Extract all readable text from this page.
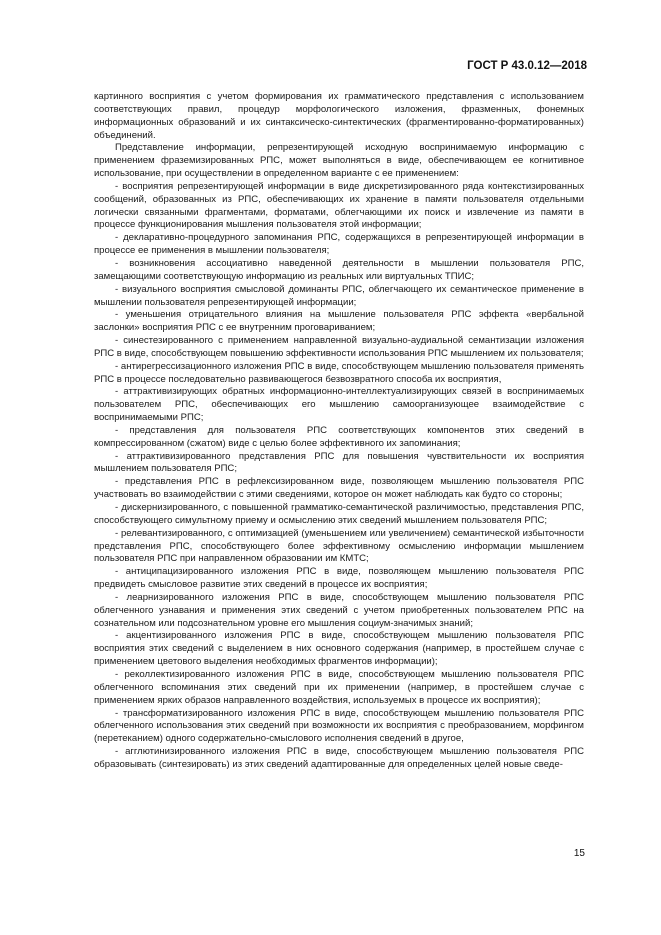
ГОСТ Р 43.0.12—2018

картинного восприятия с учетом формирования их грамматического представления с использованием соответствующих правил, процедур морфологического изложения, фразменных, фонемных информационных образований и их синтаксическо-синтектических (фрагментированно-форматированных) объединений.

Представление информации, репрезентирующей исходную воспринимаемую информацию с применением фраземизированных РПС, может выполняться в виде, обеспечивающем ее когнитивное использование, при осуществлении в определенном варианте с ее применением:

- восприятия репрезентирующей информации в виде дискретизированного ряда контекстизированных сообщений, образованных из РПС, обеспечивающих их хранение в памяти пользователя отдельными логически связанными фрагментами, форматами, облегчающими их поиск и извлечение из памяти в процессе функционирования мышления пользователя этой информации;

- декларативно-процедурного запоминания РПС, содержащихся в репрезентирующей информации в процессе ее применения в мышлении пользователя;

- возникновения ассоциативно наведенной деятельности в мышлении пользователя РПС, замещающими соответствующую информацию из реальных или виртуальных ТПИС;

- визуального восприятия смысловой доминанты РПС, облегчающего их семантическое применение в мышлении пользователя репрезентирующей информации;

- уменьшения отрицательного влияния на мышление пользователя РПС эффекта «вербальной заслонки» восприятия РПС с ее внутренним проговариванием;

- синестезированного с применением направленной визуально-аудиальной семантизации изложения РПС в виде, способствующем повышению эффективности использования РПС мышлением их пользователя;

- антирегрессизационного изложения РПС в виде, способствующем мышлению пользователя применять РПС в процессе последовательно развивающегося безвозвратного способа их восприятия,

- аттрактивизирующих обратных информационно-интеллектуализирующих связей в воспринимаемых пользователем РПС, обеспечивающих его мышлению самоорганизующее взаимодействие с воспринимаемыми РПС;

- представления для пользователя РПС соответствующих компонентов этих сведений в компрессированном (сжатом) виде с целью более эффективного их запоминания;

- аттрактивизированного представления РПС для повышения чувствительности их восприятия мышлением пользователя РПС;

- представления РПС в рефлексизированном виде, позволяющем мышлению пользователя РПС участвовать во взаимодействии с этими сведениями, которое он может наблюдать как будто со стороны;

- дискернизированного, с повышенной грамматико-семантической различимостью, представления РПС, способствующего симультному приему и осмыслению этих сведений мышлением пользователя РПС;

- релевантизированного, с оптимизацией (уменьшением или увеличением) семантической избыточности представления РПС, способствующего более эффективному осмыслению информации мышлением пользователя РПС при направленном образовании им КМТС;

- антиципацизированного изложения РПС в виде, позволяющем мышлению пользователя РПС предвидеть смысловое развитие этих сведений в процессе их восприятия;

- леарнизированного изложения РПС в виде, способствующем мышлению пользователя РПС облегченного узнавания и применения этих сведений с учетом приобретенных пользователем РПС на сознательном или подсознательном уровне его мышления социум-значимых знаний;

- акцентизированного изложения РПС в виде, способствующем мышлению пользователя РПС восприятия этих сведений с выделением в них основного содержания (например, в простейшем случае с применением цветового выделения необходимых фрагментов информации);

- реколлектизированного изложения РПС в виде, способствующем мышлению пользователя РПС облегченного вспоминания этих сведений при их применении (например, в простейшем случае с применением ярких образов направленного воздействия, используемых в процессе их восприятия);

- трансформатизированного изложения РПС в виде, способствующем мышлению пользователя РПС облегченного использования этих сведений при возможности их восприятия с преобразованием, морфингом (перетеканием) одного содержательно-смыслового исполнения сведений в другое,

- агглютинизированного изложения РПС в виде, способствующем мышлению пользователя РПС образовывать (синтезировать) из этих сведений адаптированные для определенных целей новые сведе-

15
